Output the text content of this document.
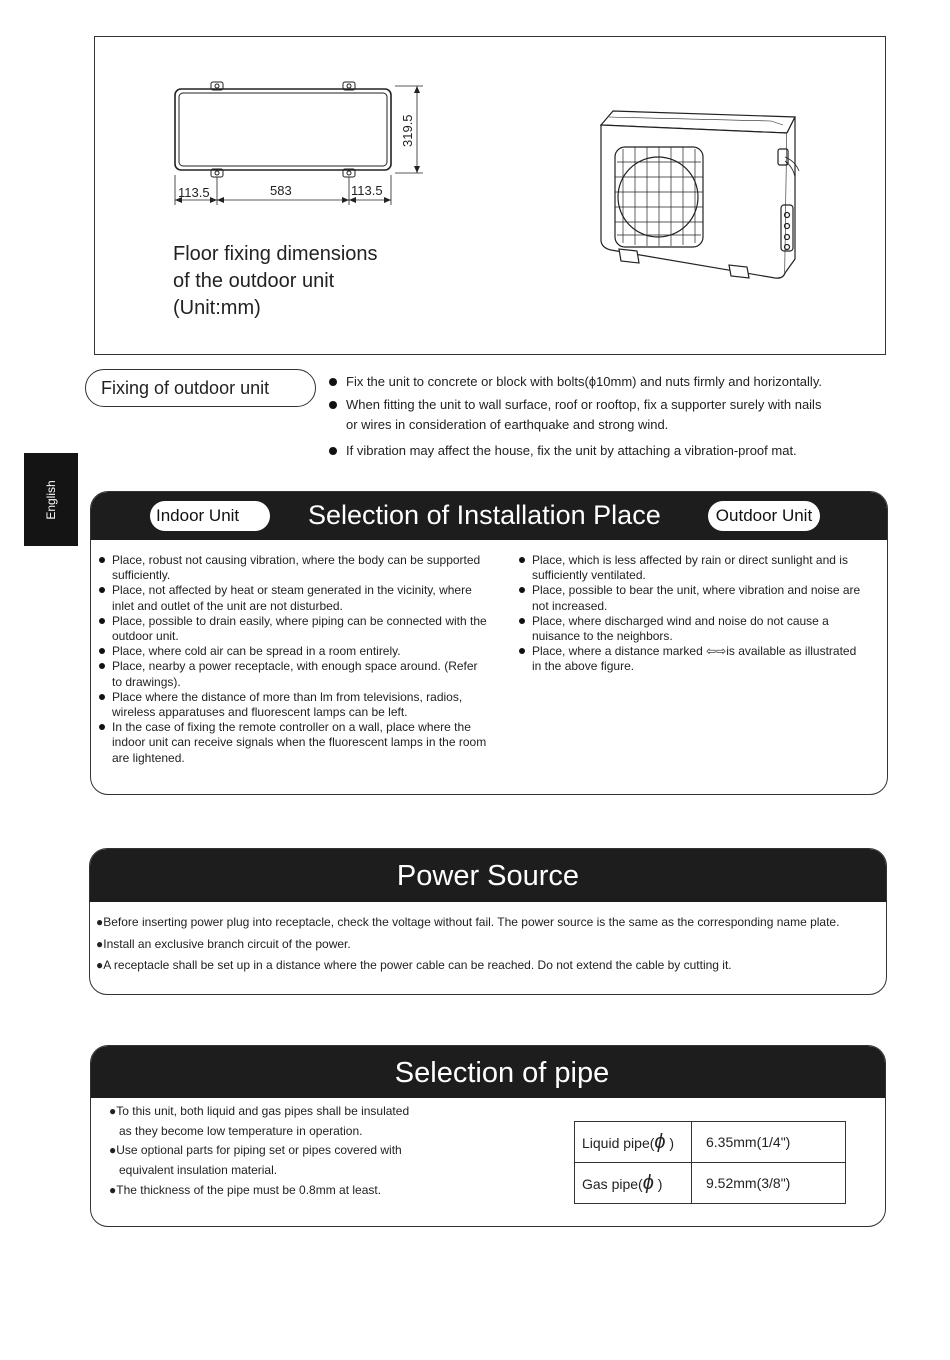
319.5
113.5	583	113.5
Floor fixing dimensions
of the outdoor unit
(Unit:mm)
Fixing of outdoor unit	Fix the unit to concrete or block with bolts(ϕ10mm) and nuts firmly and horizontally.
When fitting the unit to wall surface, roof or rooftop, fix a supporter surely with nails
or wires in consideration of earthquake and strong wind.
If vibration may affect the house, fix the unit by attaching a vibration-proof mat.
English	Indoor Unit	Selection of Installation Place	Outdoor Unit
Place, robust not causing vibration, where the body can be supported
sufficiently.
Place, not affected by heat or steam generated in the vicinity, where
inlet and outlet of the unit are not disturbed.
Place, possible to drain easily, where piping can be connected with the
outdoor unit.
Place, where cold air can be spread in a room entirely.
Place, nearby a power receptacle, with enough space around. (Refer
to drawings).
Place where the distance of more than lm from televisions, radios,
wireless apparatuses and fluorescent lamps can be left.
In the case of fixing the remote controller on a wall, place where the
indoor unit can receive signals when the fluorescent lamps in the room
are lightened.
Place, which is less affected by rain or direct sunlight and is
sufficiently ventilated.
Place, possible to bear the unit, where vibration and noise are
not increased.
Place, where discharged wind and noise do not cause a
nuisance to the neighbors.
Place, where a distance marked ⇦⇨is available as illustrated
in the above figure.
Power Source
●Before inserting power plug into receptacle, check the voltage without fail. The power source is the same as the corresponding name plate.
●Install an exclusive branch circuit of the power.
●A receptacle shall be set up in a distance where the power cable can be reached. Do not extend the cable by cutting it.
Selection of pipe
●To this unit, both liquid and gas pipes shall be insulated
as they become low temperature in operation.
●Use optional parts for piping set or pipes covered with
equivalent insulation material.
●The thickness of the pipe must be 0.8mm at least.
Liquid pipe(ϕ )	6.35mm(1/4")
Gas pipe(ϕ )	9.52mm(3/8")
